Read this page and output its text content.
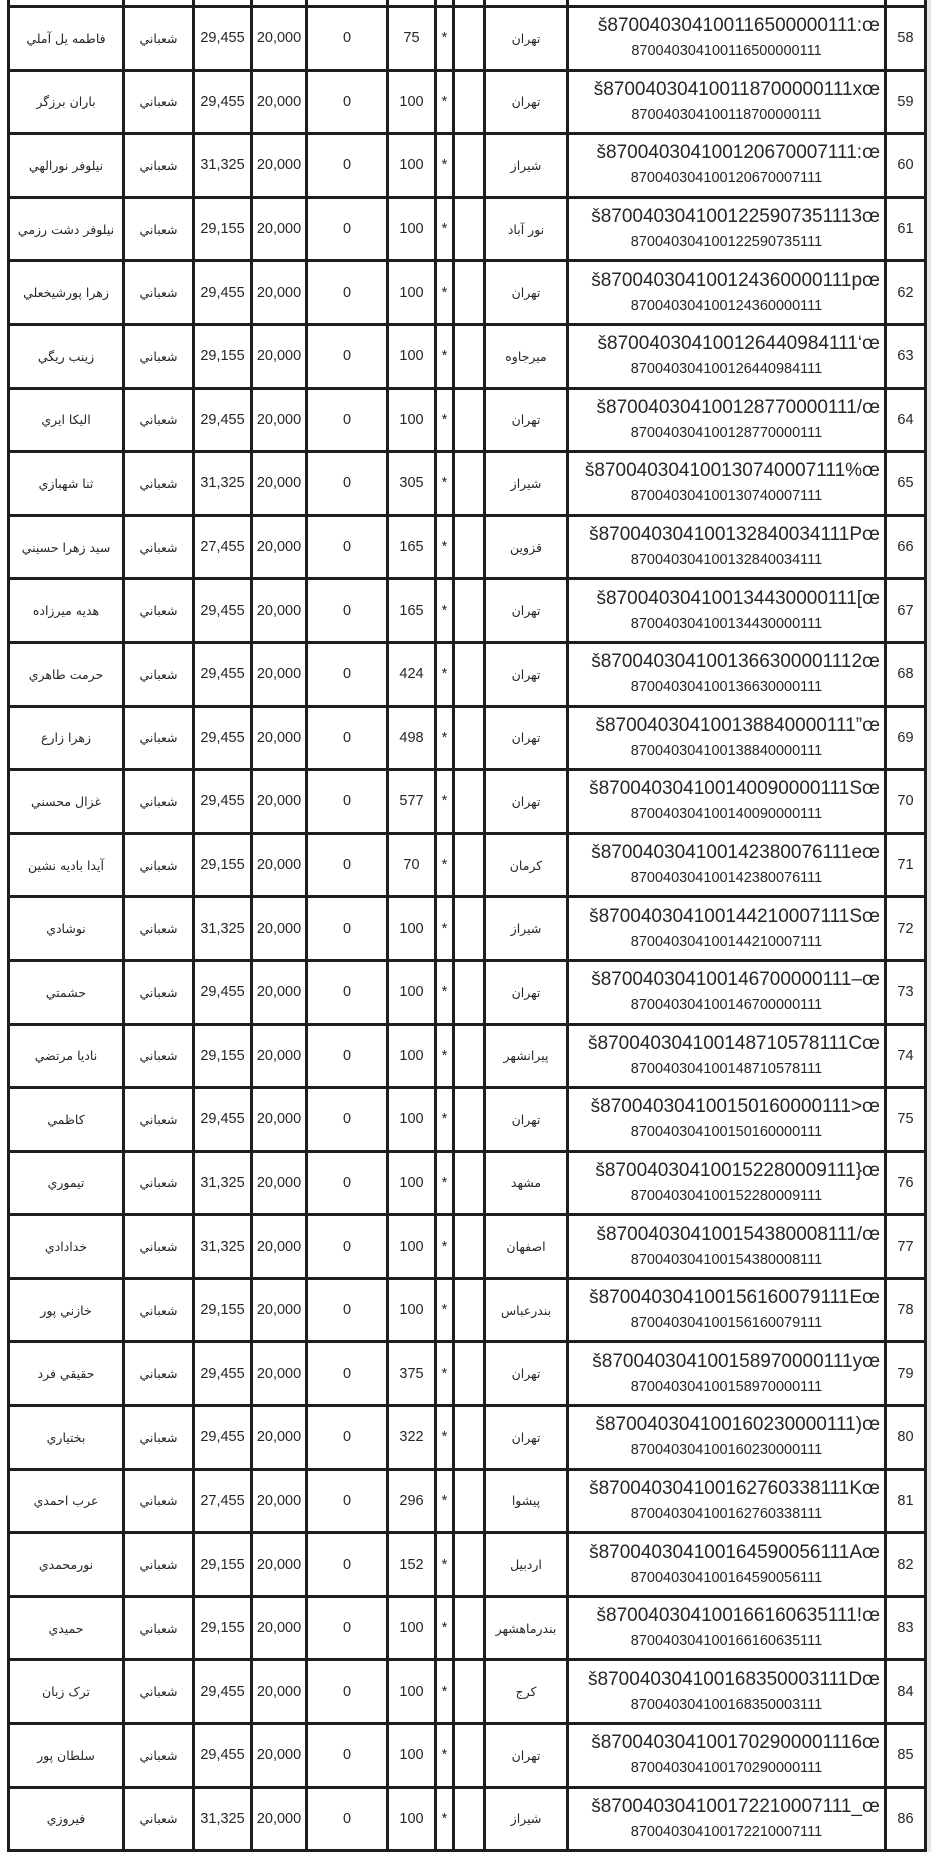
58	š870040304100116500000111:œ
870040304100116500000111	تهران		*	75	0	20,000	29,455	شعباني	فاطمه يل آملي
59	š870040304100118700000111xœ
870040304100118700000111	تهران		*	100	0	20,000	29,455	شعباني	باران برزگر
60	š870040304100120670007111:œ
870040304100120670007111	شيراز		*	100	0	20,000	31,325	شعباني	نيلوفر نورالهي
61	š8700403041001225907351113œ
870040304100122590735111	نور آباد		*	100	0	20,000	29,155	شعباني	نيلوفر دشت رزمي
62	š870040304100124360000111pœ
870040304100124360000111	تهران		*	100	0	20,000	29,455	شعباني	زهرا پورشيخعلي
63	š870040304100126440984111‘œ
870040304100126440984111	ميرجاوه		*	100	0	20,000	29,155	شعباني	زينب ريگي
64	š870040304100128770000111/œ
870040304100128770000111	تهران		*	100	0	20,000	29,455	شعباني	اليكا ايري
65	š870040304100130740007111%œ
870040304100130740007111	شيراز		*	305	0	20,000	31,325	شعباني	ثنا شهبازي
66	š870040304100132840034111Pœ
870040304100132840034111	قزوين		*	165	0	20,000	27,455	شعباني	سيد زهرا حسيني
67	š870040304100134430000111[œ
870040304100134430000111	تهران		*	165	0	20,000	29,455	شعباني	هديه ميرزاده
68	š8700403041001366300001112œ
870040304100136630000111	تهران		*	424	0	20,000	29,455	شعباني	حرمت طاهري
69	š870040304100138840000111”œ
870040304100138840000111	تهران		*	498	0	20,000	29,455	شعباني	زهرا زارع
70	š870040304100140090000111Sœ
870040304100140090000111	تهران		*	577	0	20,000	29,455	شعباني	غزال محسني
71	š870040304100142380076111eœ
870040304100142380076111	كرمان		*	70	0	20,000	29,155	شعباني	آيدا باديه نشين
72	š870040304100144210007111Sœ
870040304100144210007111	شيراز		*	100	0	20,000	31,325	شعباني	نوشادي
73	š870040304100146700000111–œ
870040304100146700000111	تهران		*	100	0	20,000	29,455	شعباني	حشمتي
74	š870040304100148710578111Cœ
870040304100148710578111	پيرانشهر		*	100	0	20,000	29,155	شعباني	ناديا مرتضي
75	š870040304100150160000111>œ
870040304100150160000111	تهران		*	100	0	20,000	29,455	شعباني	كاظمي
76	š870040304100152280009111}œ
870040304100152280009111	مشهد		*	100	0	20,000	31,325	شعباني	تيموري
77	š870040304100154380008111/œ
870040304100154380008111	اصفهان		*	100	0	20,000	31,325	شعباني	خدادادي
78	š870040304100156160079111Eœ
870040304100156160079111	بندرعباس		*	100	0	20,000	29,155	شعباني	خازني پور
79	š870040304100158970000111yœ
870040304100158970000111	تهران		*	375	0	20,000	29,455	شعباني	حقيقي فرد
80	š870040304100160230000111)œ
870040304100160230000111	تهران		*	322	0	20,000	29,455	شعباني	بختياري
81	š870040304100162760338111Kœ
870040304100162760338111	پيشوا		*	296	0	20,000	27,455	شعباني	عرب احمدي
82	š870040304100164590056111Aœ
870040304100164590056111	اردبيل		*	152	0	20,000	29,155	شعباني	نورمحمدي
83	š870040304100166160635111!œ
870040304100166160635111	بندرماهشهر		*	100	0	20,000	29,155	شعباني	حميدي
84	š870040304100168350003111Dœ
870040304100168350003111	كرج		*	100	0	20,000	29,455	شعباني	ترک زبان
85	š8700403041001702900001116œ
870040304100170290000111	تهران		*	100	0	20,000	29,455	شعباني	سلطان پور
86	š870040304100172210007111_œ
870040304100172210007111	شيراز		*	100	0	20,000	31,325	شعباني	فيروزي
